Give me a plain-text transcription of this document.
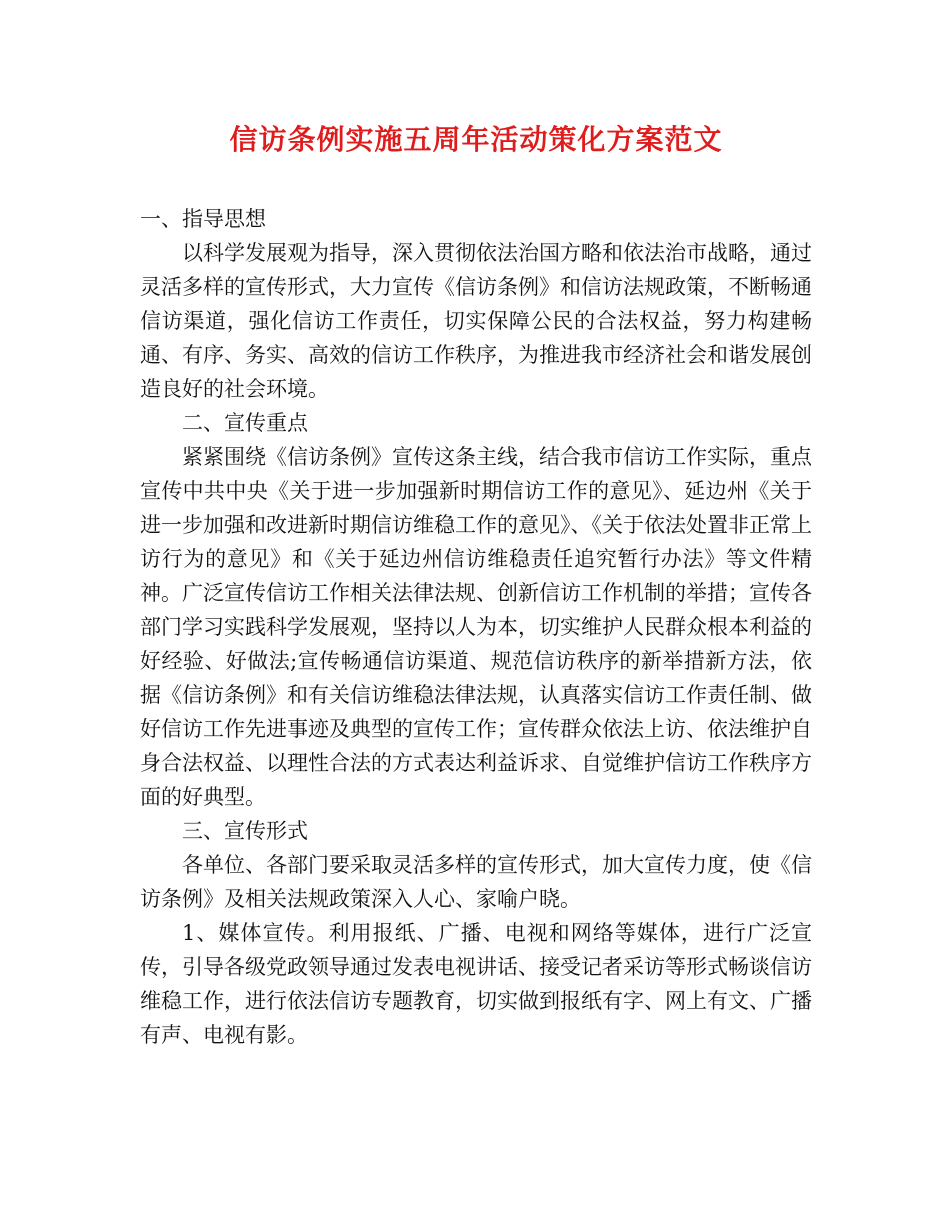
信访条例实施五周年活动策化方案范文

一、指导思想

以科学发展观为指导，深入贯彻依法治国方略和依法治市战略，通过灵活多样的宣传形式，大力宣传《信访条例》和信访法规政策，不断畅通信访渠道，强化信访工作责任，切实保障公民的合法权益，努力构建畅通、有序、务实、高效的信访工作秩序，为推进我市经济社会和谐发展创造良好的社会环境。

二、宣传重点

紧紧围绕《信访条例》宣传这条主线，结合我市信访工作实际，重点宣传中共中央《关于进一步加强新时期信访工作的意见》、延边州《关于进一步加强和改进新时期信访维稳工作的意见》、《关于依法处置非正常上访行为的意见》和《关于延边州信访维稳责任追究暂行办法》等文件精神。广泛宣传信访工作相关法律法规、创新信访工作机制的举措；宣传各部门学习实践科学发展观，坚持以人为本，切实维护人民群众根本利益的好经验、好做法;宣传畅通信访渠道、规范信访秩序的新举措新方法，依据《信访条例》和有关信访维稳法律法规，认真落实信访工作责任制、做好信访工作先进事迹及典型的宣传工作；宣传群众依法上访、依法维护自身合法权益、以理性合法的方式表达利益诉求、自觉维护信访工作秩序方面的好典型。

三、宣传形式

各单位、各部门要采取灵活多样的宣传形式，加大宣传力度，使《信访条例》及相关法规政策深入人心、家喻户晓。

1、媒体宣传。利用报纸、广播、电视和网络等媒体，进行广泛宣传，引导各级党政领导通过发表电视讲话、接受记者采访等形式畅谈信访维稳工作，进行依法信访专题教育，切实做到报纸有字、网上有文、广播有声、电视有影。
